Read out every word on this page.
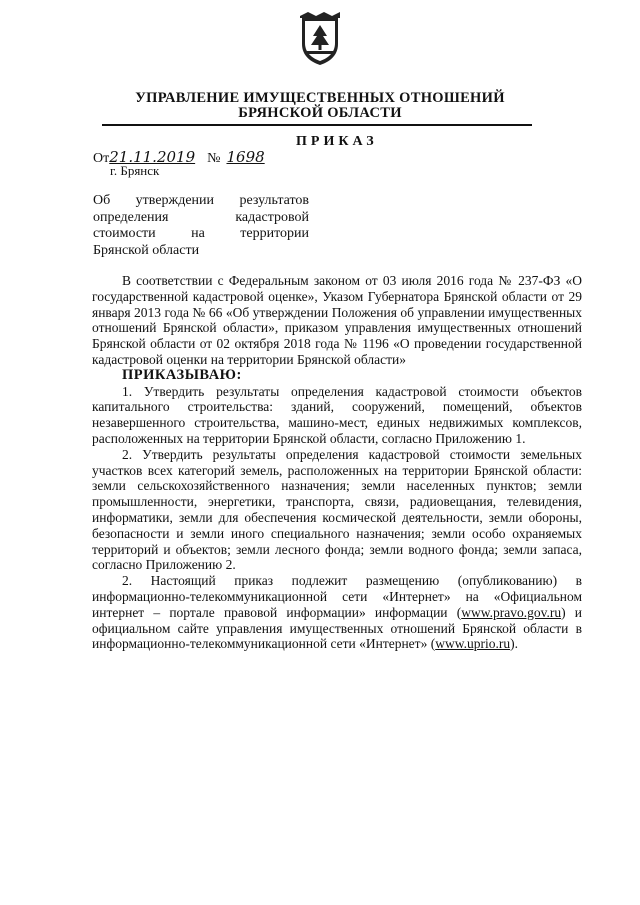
УПРАВЛЕНИЕ ИМУЩЕСТВЕННЫХ ОТНОШЕНИЙ
БРЯНСКОЙ ОБЛАСТИ
ПРИКАЗ
От21.11.2019 № 1698
г. Брянск
Об утверждении результатов
определения кадастровой
стоимости на территории
Брянской области

В соответствии с Федеральным законом от 03 июля 2016 года № 237-ФЗ «О государственной кадастровой оценке», Указом Губернатора Брянской области от 29 января 2013 года № 66 «Об утверждении Положения об управлении имущественных отношений Брянской области», приказом управления имущественных отношений Брянской области от 02 октября 2018 года № 1196 «О проведении государственной кадастровой оценки на территории Брянской области»

ПРИКАЗЫВАЮ:

1. Утвердить результаты определения кадастровой стоимости объектов капитального строительства: зданий, сооружений, помещений, объектов незавершенного строительства, машино-мест, единых недвижимых комплексов, расположенных на территории Брянской области, согласно Приложению 1.

2. Утвердить результаты определения кадастровой стоимости земельных участков всех категорий земель, расположенных на территории Брянской области: земли сельскохозяйственного назначения; земли населенных пунктов; земли промышленности, энергетики, транспорта, связи, радиовещания, телевидения, информатики, земли для обеспечения космической деятельности, земли обороны, безопасности и земли иного специального назначения; земли особо охраняемых территорий и объектов; земли лесного фонда; земли водного фонда; земли запаса, согласно Приложению 2.

2. Настоящий приказ подлежит размещению (опубликованию) в информационно-телекоммуникационной сети «Интернет» на «Официальном интернет – портале правовой информации» информации (www.pravo.gov.ru) и официальном сайте управления имущественных отношений Брянской области в информационно-телекоммуникационной сети «Интернет» (www.uprio.ru).
